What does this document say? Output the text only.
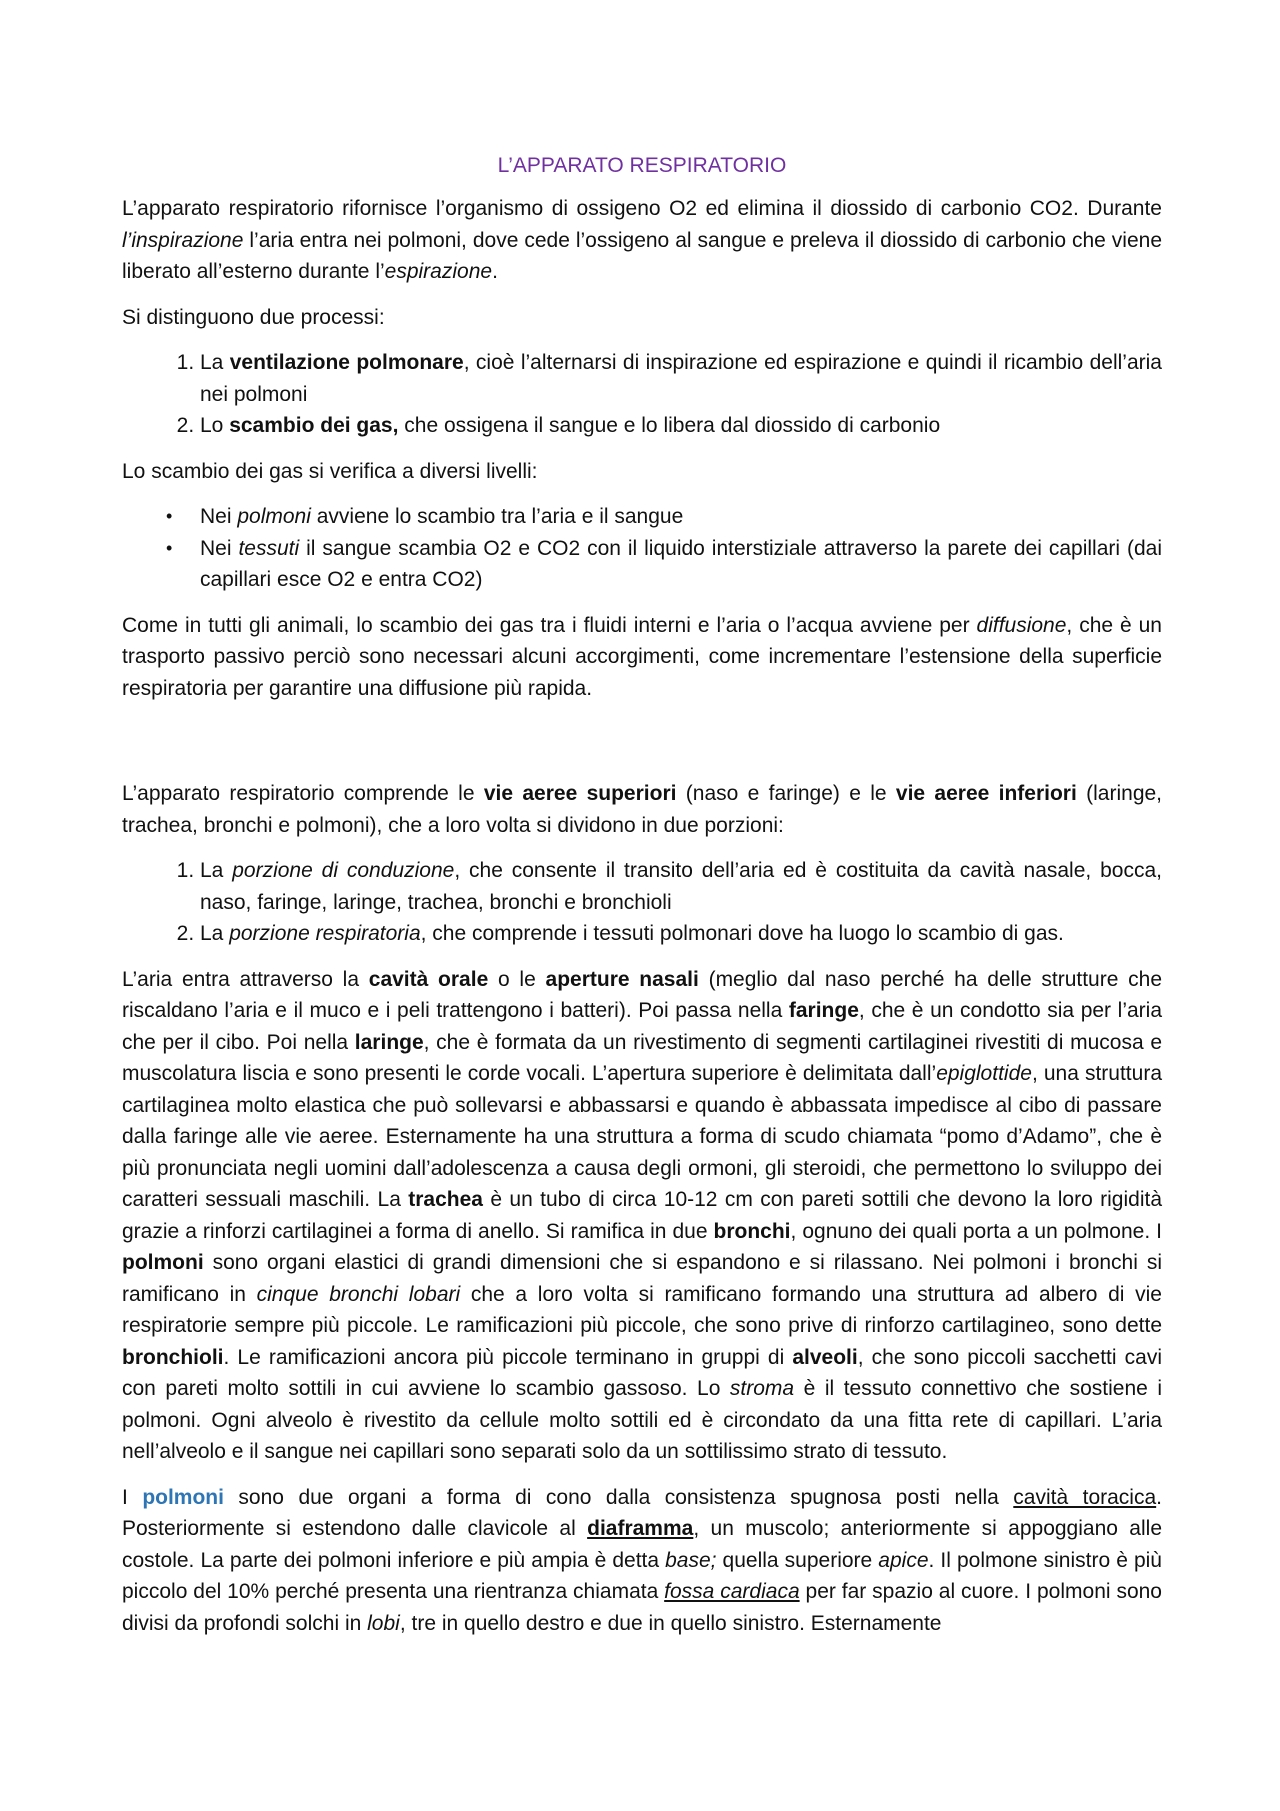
L’APPARATO RESPIRATORIO

L’apparato respiratorio rifornisce l’organismo di ossigeno O2 ed elimina il diossido di carbonio CO2. Durante l’inspirazione l’aria entra nei polmoni, dove cede l’ossigeno al sangue e preleva il diossido di carbonio che viene liberato all’esterno durante l’espirazione.

Si distinguono due processi:

1. La ventilazione polmonare, cioè l’alternarsi di inspirazione ed espirazione e quindi il ricambio dell’aria nei polmoni
2. Lo scambio dei gas, che ossigena il sangue e lo libera dal diossido di carbonio

Lo scambio dei gas si verifica a diversi livelli:

• Nei polmoni avviene lo scambio tra l’aria e il sangue
• Nei tessuti il sangue scambia O2 e CO2 con il liquido interstiziale attraverso la parete dei capillari (dai capillari esce O2 e entra CO2)

Come in tutti gli animali, lo scambio dei gas tra i fluidi interni e l’aria o l’acqua avviene per diffusione, che è un trasporto passivo perciò sono necessari alcuni accorgimenti, come incrementare l’estensione della superficie respiratoria per garantire una diffusione più rapida.

L’apparato respiratorio comprende le vie aeree superiori (naso e faringe) e le vie aeree inferiori (laringe, trachea, bronchi e polmoni), che a loro volta si dividono in due porzioni:

1. La porzione di conduzione, che consente il transito dell’aria ed è costituita da cavità nasale, bocca, naso, faringe, laringe, trachea, bronchi e bronchioli
2. La porzione respiratoria, che comprende i tessuti polmonari dove ha luogo lo scambio di gas.

L’aria entra attraverso la cavità orale o le aperture nasali (meglio dal naso perché ha delle strutture che riscaldano l’aria e il muco e i peli trattengono i batteri). Poi passa nella faringe, che è un condotto sia per l’aria che per il cibo. Poi nella laringe, che è formata da un rivestimento di segmenti cartilaginei rivestiti di mucosa e muscolatura liscia e sono presenti le corde vocali. L’apertura superiore è delimitata dall’epiglottide, una struttura cartilaginea molto elastica che può sollevarsi e abbassarsi e quando è abbassata impedisce al cibo di passare dalla faringe alle vie aeree. Esternamente ha una struttura a forma di scudo chiamata “pomo d’Adamo”, che è più pronunciata negli uomini dall’adolescenza a causa degli ormoni, gli steroidi, che permettono lo sviluppo dei caratteri sessuali maschili. La trachea è un tubo di circa 10-12 cm con pareti sottili che devono la loro rigidità grazie a rinforzi cartilaginei a forma di anello. Si ramifica in due bronchi, ognuno dei quali porta a un polmone. I polmoni sono organi elastici di grandi dimensioni che si espandono e si rilassano. Nei polmoni i bronchi si ramificano in cinque bronchi lobari che a loro volta si ramificano formando una struttura ad albero di vie respiratorie sempre più piccole. Le ramificazioni più piccole, che sono prive di rinforzo cartilagineo, sono dette bronchioli. Le ramificazioni ancora più piccole terminano in gruppi di alveoli, che sono piccoli sacchetti cavi con pareti molto sottili in cui avviene lo scambio gassoso. Lo stroma è il tessuto connettivo che sostiene i polmoni. Ogni alveolo è rivestito da cellule molto sottili ed è circondato da una fitta rete di capillari. L’aria nell’alveolo e il sangue nei capillari sono separati solo da un sottilissimo strato di tessuto.

I polmoni sono due organi a forma di cono dalla consistenza spugnosa posti nella cavità toracica. Posteriormente si estendono dalle clavicole al diaframma, un muscolo; anteriormente si appoggiano alle costole. La parte dei polmoni inferiore e più ampia è detta base; quella superiore apice. Il polmone sinistro è più piccolo del 10% perché presenta una rientranza chiamata fossa cardiaca per far spazio al cuore. I polmoni sono divisi da profondi solchi in lobi, tre in quello destro e due in quello sinistro. Esternamente
